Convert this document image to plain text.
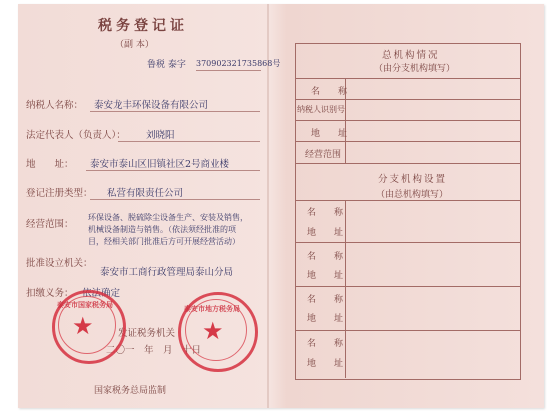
税务登记证
（副 本）
鲁税 泰字 370902321735868号
纳税人名称： 泰安龙丰环保设备有限公司
法定代表人（负责人）： 刘晓阳
地　　址： 泰安市泰山区旧镇社区2号商业楼
登记注册类型： 私营有限责任公司
经营范围：
环保设备、脱硫除尘设备生产、安装及销售，
机械设备制造与销售。（依法须经批准的项
目，经相关部门批准后方可开展经营活动）
批准设立机关：
泰安市工商行政管理局泰山分局
扣缴义务： 依法确定
发证税务机关
二〇一　年　月　十日
国家税务总局监制
★
泰安市国家税务局
★
泰安市地方税务局
总机构情况
（由分支机构填写）
名　　称
纳税人识别号
地　　址
经营范围
分支机构设置
（由总机构填写）
名　　称
地　　址
名　　称
地　　址
名　　称
地　　址
名　　称
地　　址
